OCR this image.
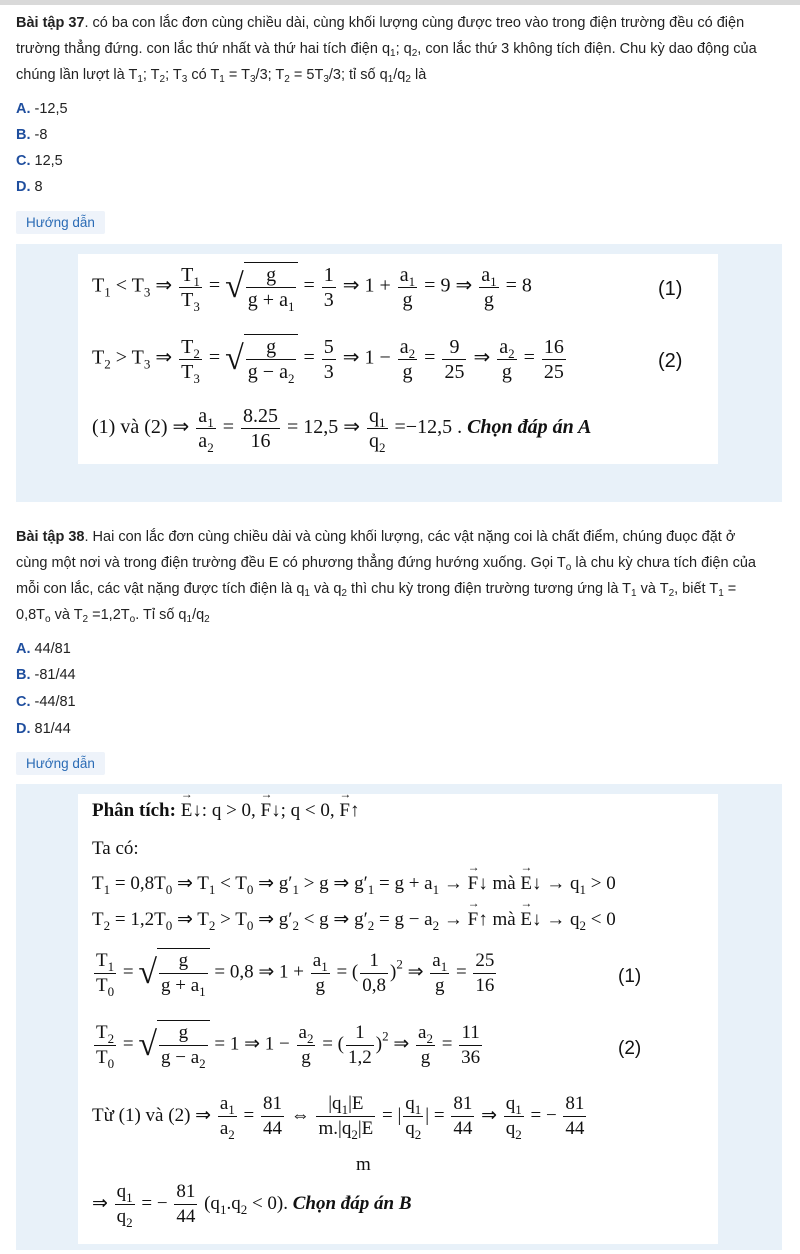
Bài tập 37. có ba con lắc đơn cùng chiều dài, cùng khối lượng cùng được treo vào trong điện trường đều có điện
trường thẳng đứng. con lắc thứ nhất và thứ hai tích điện $q_1$; $q_2$, con lắc thứ 3 không tích điện. Chu kỳ dao động của
chúng lần lượt là $T_1$; $T_2$; $T_3$ có $T_1 = T_3/3$; $T_2 = 5T_3/3$; tỉ số $q_1/q_2$ là
A. -12,5
B. -8
C. 12,5
D. 8
Hướng dẫn
$T_1 < T_3$ ⇒ $\frac{T_1}{T_3}$ = √ $\frac{g}{g + a_1} = \frac{1}{3}$ ⇒ $1 + \frac{a_1}{g} = 9$ ⇒ $\frac{a_1}{g} = 8$	(1)
$T_2 > T_3$ ⇒ $\frac{T_2}{T_3}$ = √ $\frac{g}{g - a_2} = \frac{5}{3}$ ⇒ $1 - \frac{a_2}{g} = \frac{9}{25}$ ⇒ $\frac{a_2}{g} = \frac{16}{25}$	(2)
(1) và (2) ⇒ $\frac{a_1}{a_2} = \frac{8.25}{16} = 12,5$ ⇒ $\frac{q_1}{q_2} =-12,5$ . Chọn đáp án A
Bài tập 38. Hai con lắc đơn cùng chiều dài và cùng khối lượng, các vật nặng coi là chất điểm, chúng đuọc đặt ở
cùng một nơi và trong điện trường đều E có phương thẳng đứng hướng xuống. Gọi $T_o$ là chu kỳ chưa tích điện của
mỗi con lắc, các vật nặng được tích điện là $q_1$ và $q_2$ thì chu kỳ trong điện trường tương ứng là $T_1$ và $T_2$, biết $T_1$ =
$0,8T_o$ và $T_2 =1,2T_o$. Tỉ số $q_1/q_2$
A. 44/81
B. -81/44
C. -44/81
D. 81/44
Hướng dẫn
Phân tích: → E↓: q > 0, → F↓; q < 0, → F↑
Ta có:
$T_1 = 0,8T_0$ ⇒ $T_1 < T_0$ ⇒ $g'_1 > g$ ⇒ $g'_1 = g + a_1$ → → F↓ mà → E↓ → $q_1 > 0$
$T_2 = 1,2T_0$ ⇒ $T_2 > T_0$ ⇒ $g'_2 < g$ ⇒ $g'_2 = g - a_2$ → → F↑ mà → E↓ → $q_2 < 0$
$\frac{T_1}{T_0}$ = √ $\frac{g}{g + a_1} = 0,8$ ⇒ $1 + \frac{a_1}{g}$ = ( $\frac{1}{0,8} )^2$ ⇒ $\frac{a_1}{g} = \frac{25}{16}$	(1)
$\frac{T_2}{T_0}$ = √ $\frac{g}{g - a_2} = 1$ ⇒ $1 - \frac{a_2}{g}$ = ( $\frac{1}{1,2} )^2$ ⇒ $\frac{a_2}{g} = \frac{11}{36}$	(2)
Từ (1) và (2) ⇒ $\frac{a_1}{a_2} = \frac{81}{44}$ ⇔ $\frac{|q_1|E}{m.|q_2|E}$ = | $\frac{q_1}{q_2}$ | = $\frac{81}{44}$ ⇒ $\frac{q_1}{q_2}$ = − $\frac{81}{44}$
m
⇒ $\frac{q_1}{q_2}$ = − $\frac{81}{44} (q_1.q_2 < 0)$. Chọn đáp án B
